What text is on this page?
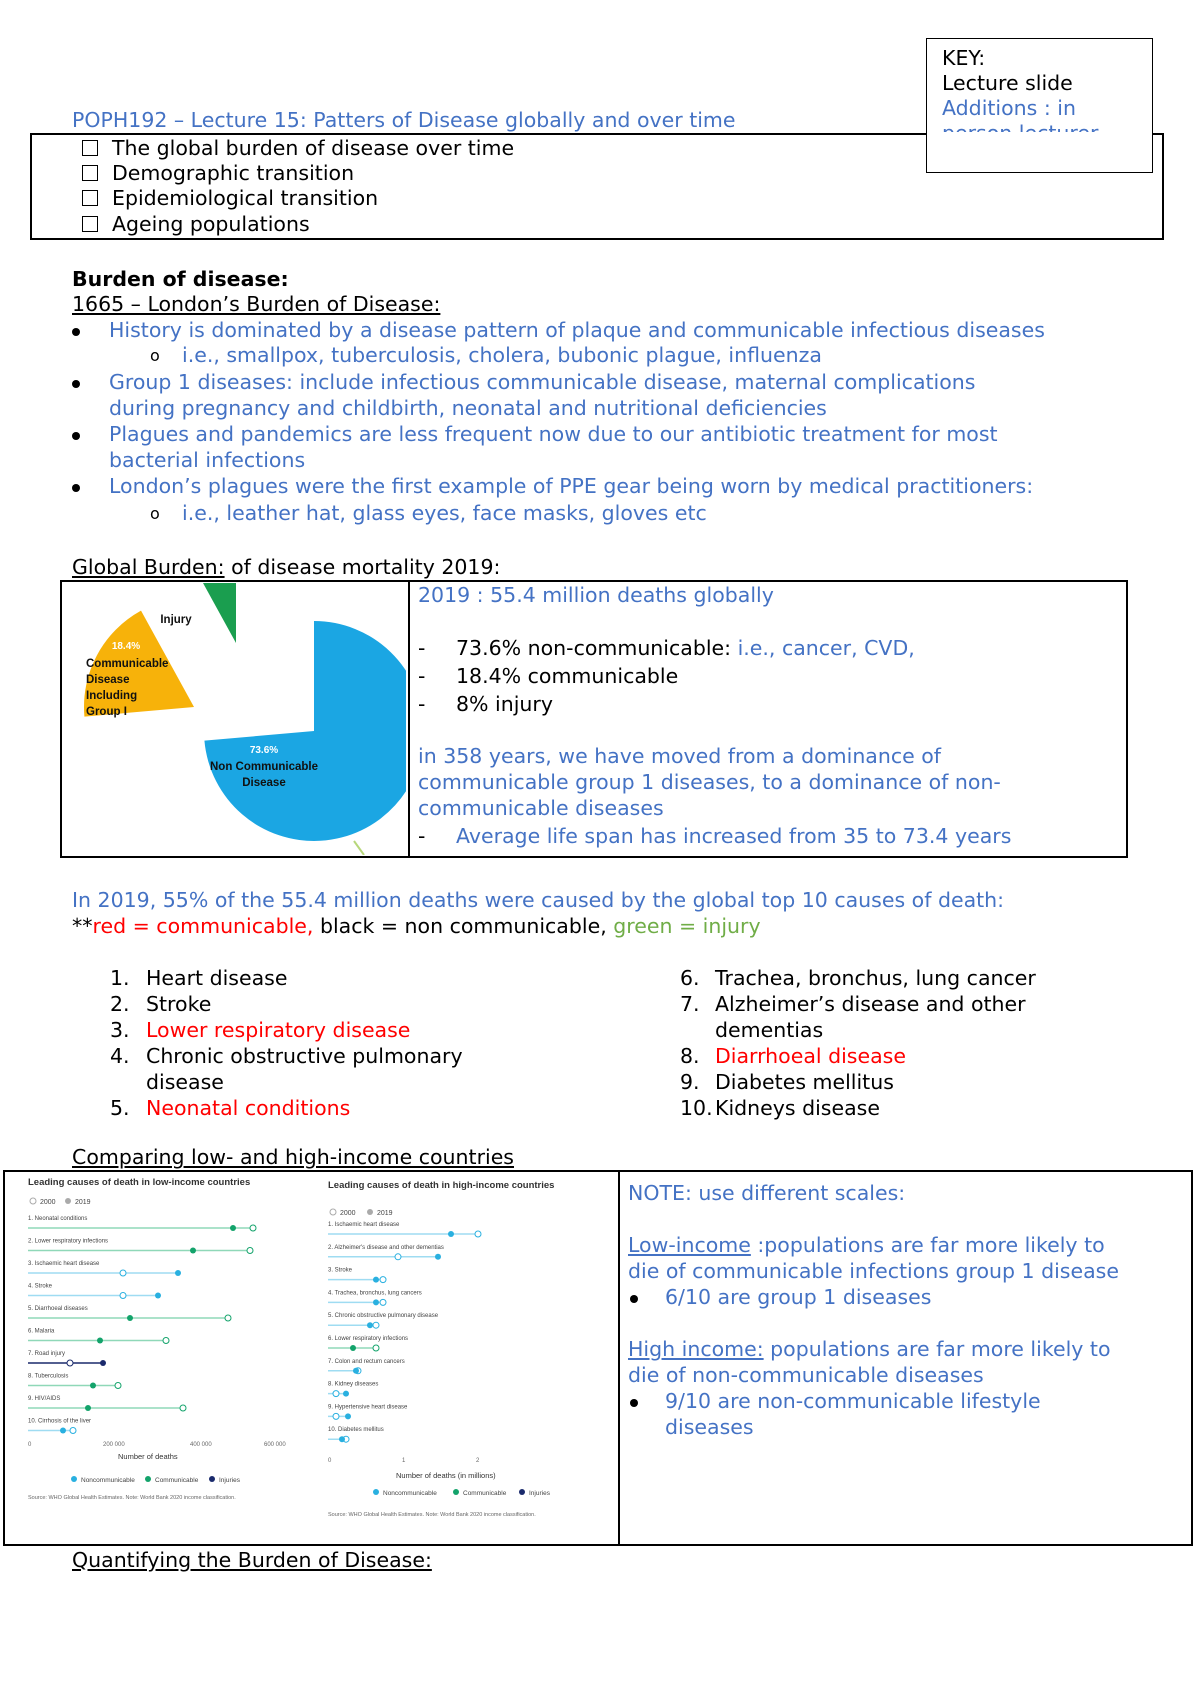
KEY:
Lecture slide
Additions : in
POPH192 – Lecture 15: Patters of Disease globally and over time
The global burden of disease over time
Demographic transition
Epidemiological transition
Ageing populations
Burden of disease:
1665 – London’s Burden of Disease:
History is dominated by a disease pattern of plaque and communicable infectious diseases
o i.e., smallpox, tuberculosis, cholera, bubonic plague, influenza
Group 1 diseases: include infectious communicable disease, maternal complications
during pregnancy and childbirth, neonatal and nutritional deficiencies
Plagues and pandemics are less frequent now due to our antibiotic treatment for most
bacterial infections
London’s plagues were the first example of PPE gear being worn by medical practitioners:
o i.e., leather hat, glass eyes, face masks, gloves etc
Global Burden: of disease mortality 2019:
73.6%
18.4%
8.0%
Non Communicable
Disease
Communicable
Disease
Including
Group I
Injury
2019 : 55.4 million deaths globally
- 73.6% non-communicable: i.e., cancer, CVD,
- 18.4% communicable
- 8% injury
in 358 years, we have moved from a dominance of
communicable group 1 diseases, to a dominance of non-
communicable diseases
- Average life span has increased from 35 to 73.4 years
In 2019, 55% of the 55.4 million deaths were caused by the global top 10 causes of death:
**red = communicable, black = non communicable, green = injury
1. Heart disease
2. Stroke
3. Lower respiratory disease
4. Chronic obstructive pulmonary
disease
5. Neonatal conditions
6. Trachea, bronchus, lung cancer
7. Alzheimer’s disease and other
dementias
8. Diarrhoeal disease
9. Diabetes mellitus
10. Kidneys disease
Comparing low- and high-income countries
Leading causes of death in low-income countries
2000	2019
1. Neonatal conditions
2. Lower respiratory infections
3. Ischaemic heart disease
4. Stroke
5. Diarrhoeal diseases
6. Malaria
7. Road injury
8. Tuberculosis
9. HIV/AIDS
10. Cirrhosis of the liver
0	200 000	400 000	600 000
Number of deaths
Noncommunicable	Communicable	Injuries
Source: WHO Global Health Estimates. Note: World Bank 2020 income classification.
Leading causes of death in high-income countries
2000	2019
1. Ischaemic heart disease
2. Alzheimer's disease and other dementias
3. Stroke
4. Trachea, bronchus, lung cancers
5. Chronic obstructive pulmonary disease
6. Lower respiratory infections
7. Colon and rectum cancers
8. Kidney diseases
9. Hypertensive heart disease
10. Diabetes mellitus
0	1	2
Number of deaths (in millions)
Noncommunicable	Communicable	Injuries
Source: WHO Global Health Estimates. Note: World Bank 2020 income classification.
NOTE: use different scales:
Low-income :populations are far more likely to
die of communicable infections group 1 disease
6/10 are group 1 diseases
High income: populations are far more likely to
die of non-communicable diseases
9/10 are non-communicable lifestyle
diseases
Quantifying the Burden of Disease:
